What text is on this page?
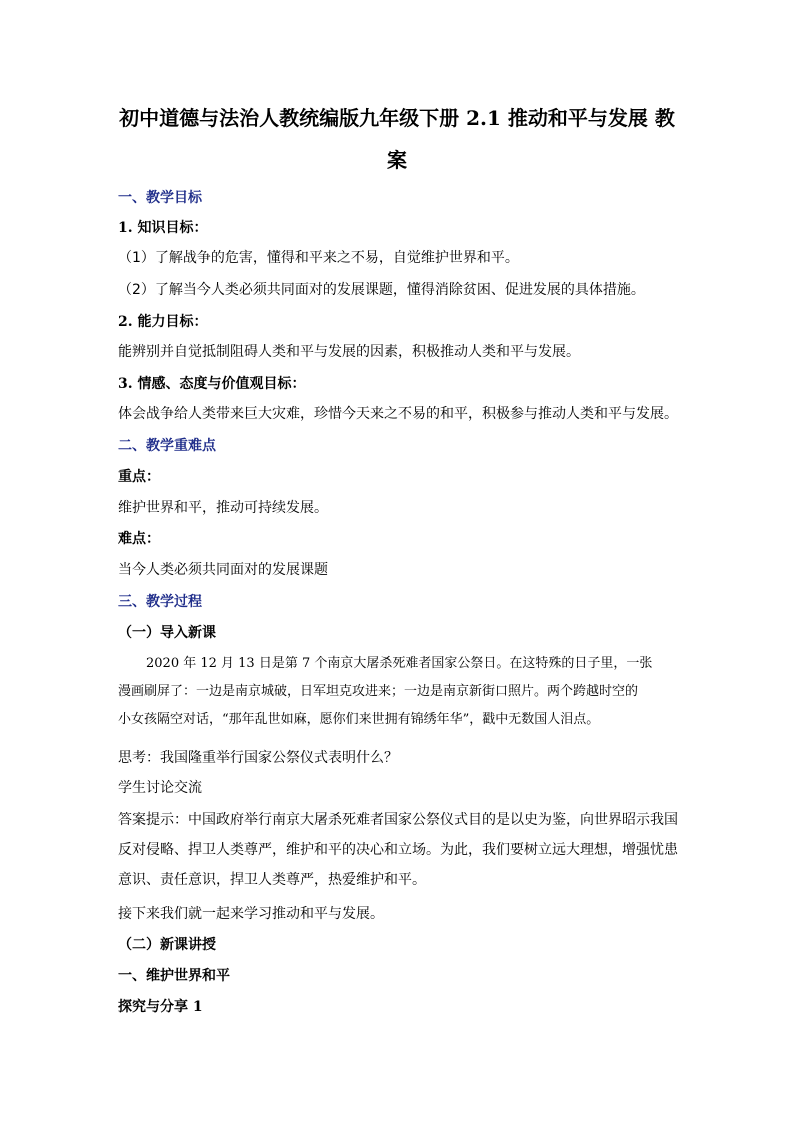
初中道德与法治人教统编版九年级下册 2.1 推动和平与发展 教
案
一、教学目标
1. 知识目标：
（1）了解战争的危害，懂得和平来之不易，自觉维护世界和平。
（2）了解当今人类必须共同面对的发展课题，懂得消除贫困、促进发展的具体措施。
2. 能力目标：
能辨别并自觉抵制阻碍人类和平与发展的因素，积极推动人类和平与发展。
3. 情感、态度与价值观目标：
体会战争给人类带来巨大灾难，珍惜今天来之不易的和平，积极参与推动人类和平与发展。
二、教学重难点
重点：
维护世界和平，推动可持续发展。
难点：
当今人类必须共同面对的发展课题
三、教学过程
（一）导入新课
2020 年 12 月 13 日是第 7 个南京大屠杀死难者国家公祭日。在这特殊的日子里，一张
漫画刷屏了：一边是南京城破，日军坦克攻进来；一边是南京新街口照片。两个跨越时空的
小女孩隔空对话，“那年乱世如麻，愿你们来世拥有锦绣年华”，戳中无数国人泪点。
思考：我国隆重举行国家公祭仪式表明什么？
学生讨论交流
答案提示：中国政府举行南京大屠杀死难者国家公祭仪式目的是以史为鉴，向世界昭示我国
反对侵略、捍卫人类尊严，维护和平的决心和立场。为此，我们要树立远大理想，增强忧患
意识、责任意识，捍卫人类尊严，热爱维护和平。
接下来我们就一起来学习推动和平与发展。
（二）新课讲授
一、维护世界和平
探究与分享 1
